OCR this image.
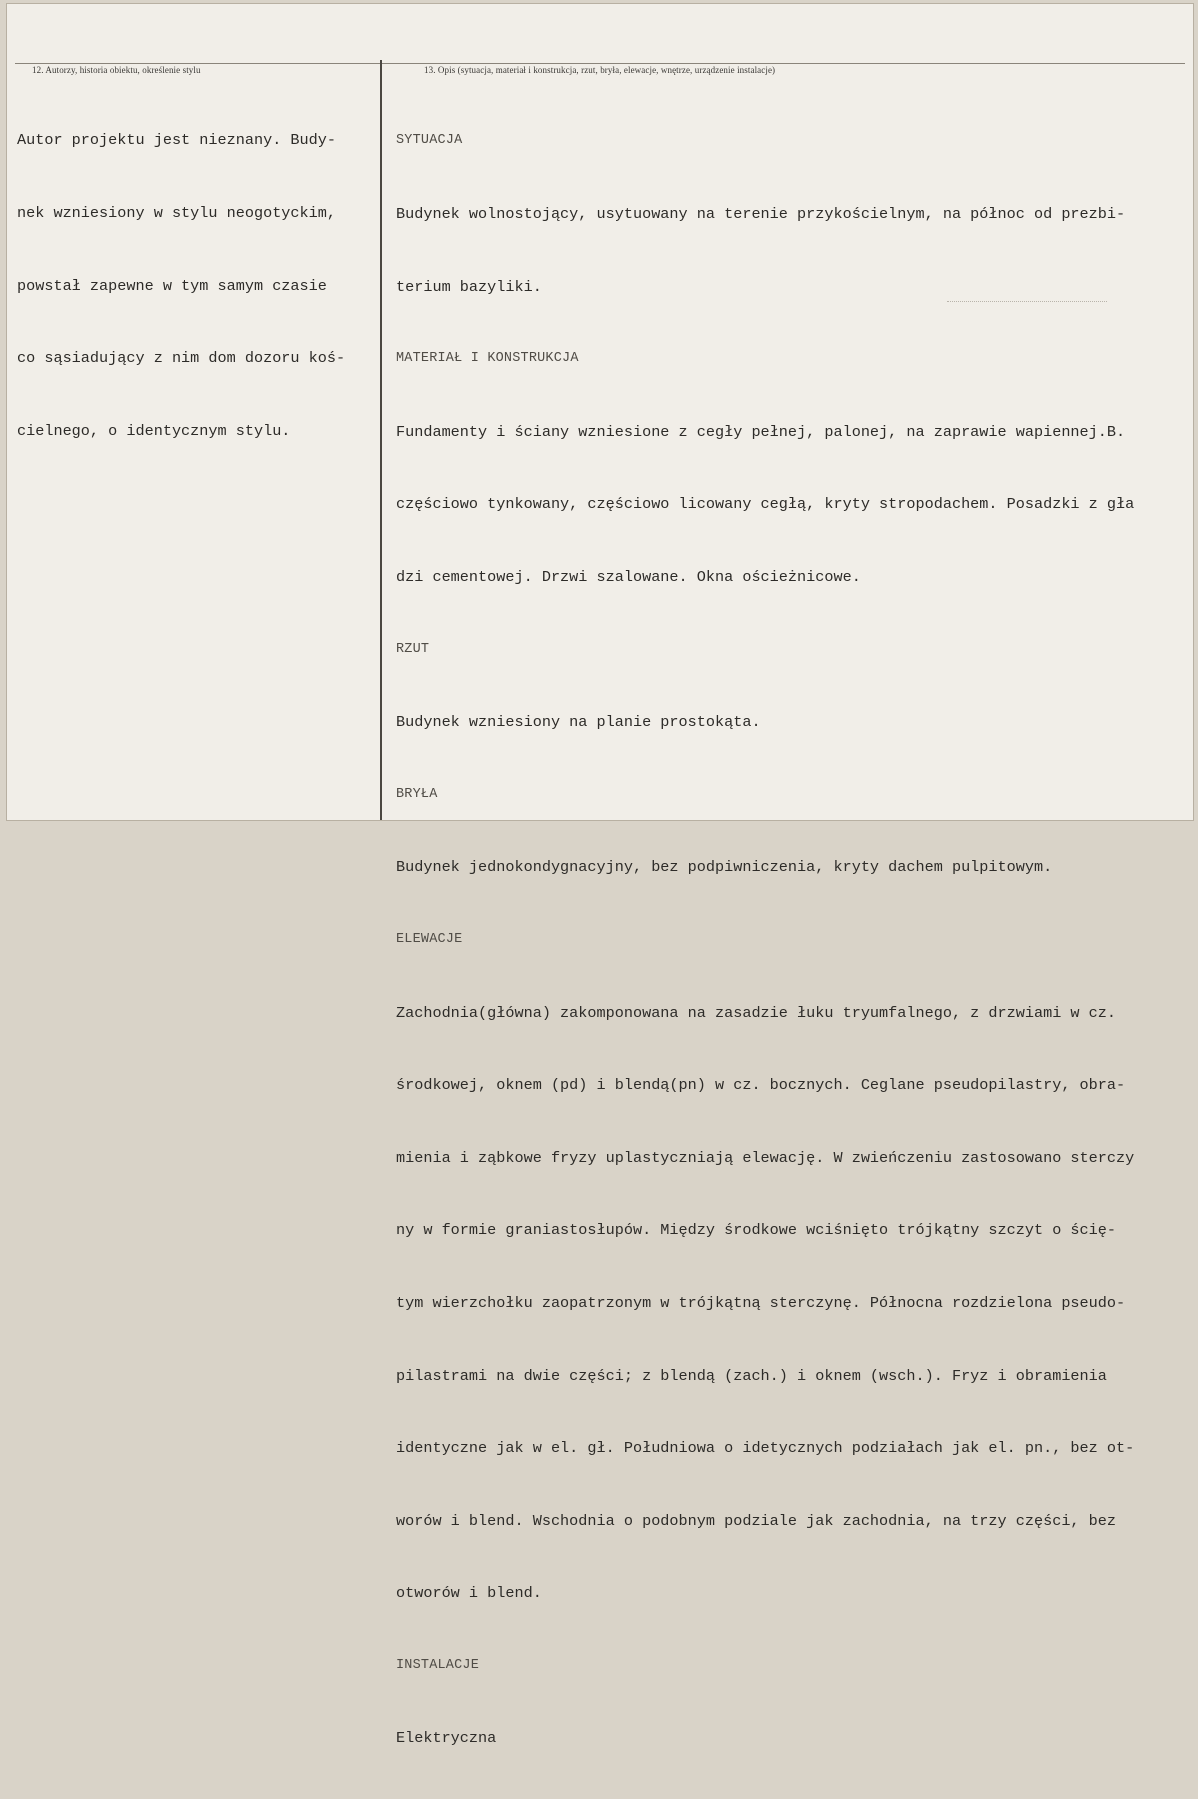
12. Autorzy, historia obiektu, określenie stylu	13. Opis (sytuacja, materiał i konstrukcja, rzut, bryła, elewacje, wnętrze, urządzenie instalacje)

Autor projektu jest nieznany. Budy-

nek wzniesiony w stylu neogotyckim,

powstał zapewne w tym samym czasie

co sąsiadujący z nim dom dozoru koś-

cielnego, o identycznym stylu.

SYTUACJA

Budynek wolnostojący, usytuowany na terenie przykościelnym, na północ od prezbi-

terium bazyliki.

MATERIAŁ I KONSTRUKCJA

Fundamenty i ściany wzniesione z cegły pełnej, palonej, na zaprawie wapiennej.B.

częściowo tynkowany, częściowo licowany cegłą, kryty stropodachem. Posadzki z gła

dzi cementowej. Drzwi szalowane. Okna ościeżnicowe.

RZUT

Budynek wzniesiony na planie prostokąta.

BRYŁA

Budynek jednokondygnacyjny, bez podpiwniczenia, kryty dachem pulpitowym.

ELEWACJE

Zachodnia(główna) zakomponowana na zasadzie łuku tryumfalnego, z drzwiami w cz.

środkowej, oknem (pd) i blendą(pn) w cz. bocznych. Ceglane pseudopilastry, obra-

mienia i ząbkowe fryzy uplastyczniają elewację. W zwieńczeniu zastosowano sterczy

ny w formie graniastosłupów. Między środkowe wciśnięto trójkątny szczyt o ścię-

tym wierzchołku zaopatrzonym w trójkątną sterczynę. Północna rozdzielona pseudo-

pilastrami na dwie części; z blendą (zach.) i oknem (wsch.). Fryz i obramienia

identyczne jak w el. gł. Południowa o idetycznych podziałach jak el. pn., bez ot-

worów i blend. Wschodnia o podobnym podziale jak zachodnia, na trzy części, bez

otworów i blend.

INSTALACJE

Elektryczna
